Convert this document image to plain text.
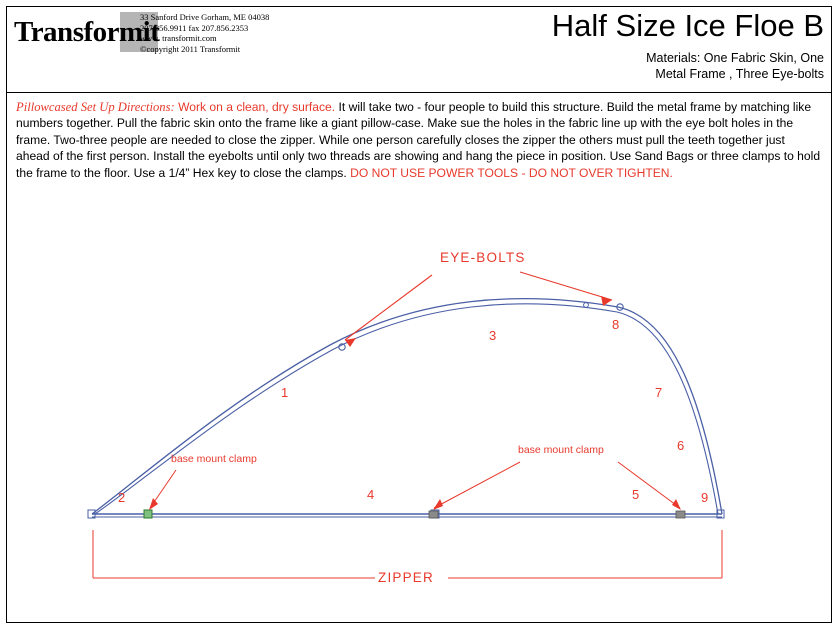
Transformit
33 Sanford Drive Gorham, ME 04038
207.856.9911 fax 207.856.2353
www. transformit.com
©copyright 2011 Transformit
Half Size Ice Floe B
Materials: One Fabric Skin, One
Metal Frame , Three Eye-bolts
Pillowcased Set Up Directions: Work on a clean, dry surface. It will take two - four people to build this structure. Build the metal frame by matching like numbers together. Pull the fabric skin onto the frame like a giant pillow-case. Make sue the holes in the fabric line up with the eye bolt holes in the frame. Two-three people are needed to close the zipper. While one person carefully closes the zipper the others must pull the teeth together just ahead of the first person. Install the eyebolts until only two threads are showing and hang the piece in position. Use Sand Bags or three clamps to hold the frame to the floor. Use a 1/4” Hex key to close the clamps. DO NOT USE POWER TOOLS - DO NOT OVER TIGHTEN.
EYE-BOLTS
ZIPPER
base mount clamp
base mount clamp
1
2
3
4	5
6
7
8
9
